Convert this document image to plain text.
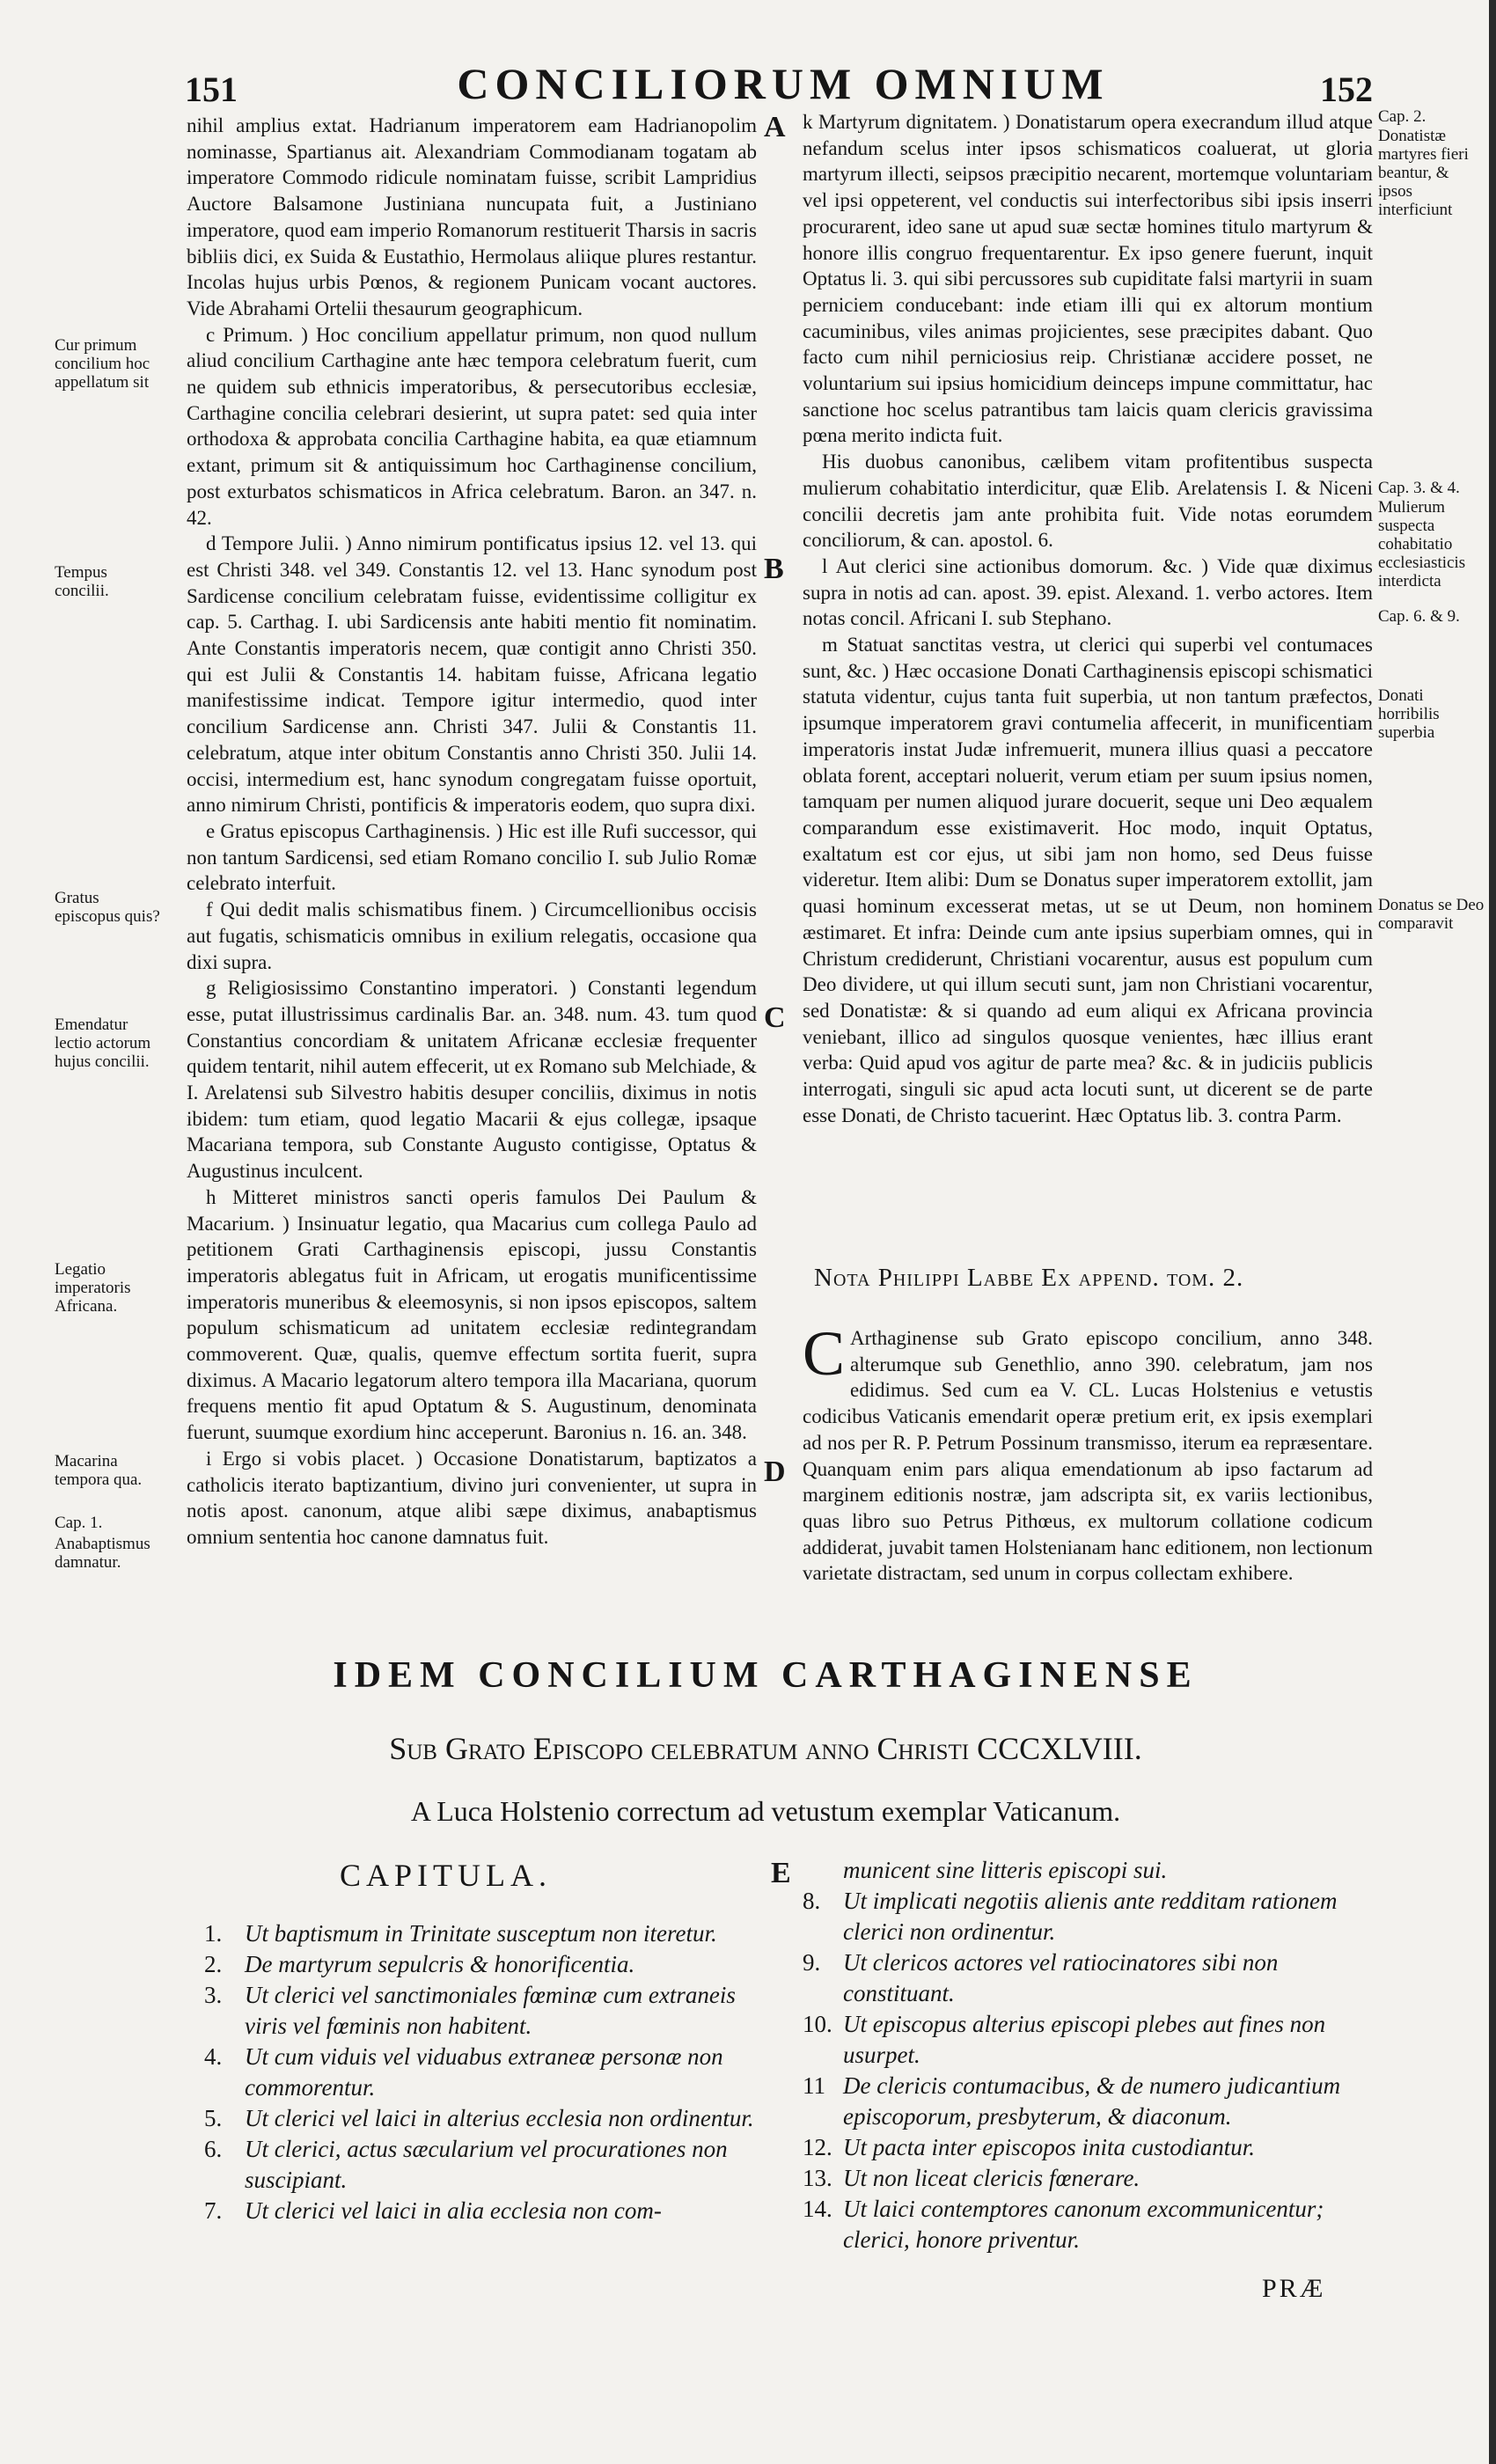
151	CONCILIORUM OMNIUM	152
Cur primum concilium hoc appellatum sit
Tempus concilii.
Gratus episcopus quis?
Emendatur lectio actorum hujus concilii.
Legatio imperatoris Africana.
Macarina tempora qua.
Cap. 1.
Anabaptismus damnatur.

nihil amplius extat. Hadrianum imperatorem eam Hadrianopolim nominasse, Spartianus ait. Alexandriam Commodianam togatam ab imperatore Commodo ridicule nominatam fuisse, scribit Lampridius Auctore Balsamone Justiniana nuncupata fuit, a Justiniano imperatore, quod eam imperio Romanorum restituerit Tharsis in sacris bibliis dici, ex Suida & Eustathio, Hermolaus aliique plures restantur. Incolas hujus urbis Pœnos, & regionem Punicam vocant auctores. Vide Abrahami Ortelii thesaurum geographicum.

c Primum. ) Hoc concilium appellatur primum, non quod nullum aliud concilium Carthagine ante hæc tempora celebratum fuerit, cum ne quidem sub ethnicis imperatoribus, & persecutoribus ecclesiæ, Carthagine concilia celebrari desierint, ut supra patet: sed quia inter orthodoxa & approbata concilia Carthagine habita, ea quæ etiamnum extant, primum sit & antiquissimum hoc Carthaginense concilium, post exturbatos schismaticos in Africa celebratum. Baron. an 347. n. 42.

d Tempore Julii. ) Anno nimirum pontificatus ipsius 12. vel 13. qui est Christi 348. vel 349. Constantis 12. vel 13. Hanc synodum post Sardicense concilium celebratam fuisse, evidentissime colligitur ex cap. 5. Carthag. I. ubi Sardicensis ante habiti mentio fit nominatim. Ante Constantis imperatoris necem, quæ contigit anno Christi 350. qui est Julii & Constantis 14. habitam fuisse, Africana legatio manifestissime indicat. Tempore igitur intermedio, quod inter concilium Sardicense ann. Christi 347. Julii & Constantis 11. celebratum, atque inter obitum Constantis anno Christi 350. Julii 14. occisi, intermedium est, hanc synodum congregatam fuisse oportuit, anno nimirum Christi, pontificis & imperatoris eodem, quo supra dixi.

e Gratus episcopus Carthaginensis. ) Hic est ille Rufi successor, qui non tantum Sardicensi, sed etiam Romano concilio I. sub Julio Romæ celebrato interfuit.

f Qui dedit malis schismatibus finem. ) Circumcellionibus occisis aut fugatis, schismaticis omnibus in exilium relegatis, occasione qua dixi supra.

g Religiosissimo Constantino imperatori. ) Constanti legendum esse, putat illustrissimus cardinalis Bar. an. 348. num. 43. tum quod Constantius concordiam & unitatem Africanæ ecclesiæ frequenter quidem tentarit, nihil autem effecerit, ut ex Romano sub Melchiade, & I. Arelatensi sub Silvestro habitis desuper conciliis, diximus in notis ibidem: tum etiam, quod legatio Macarii & ejus collegæ, ipsaque Macariana tempora, sub Constante Augusto contigisse, Optatus & Augustinus inculcent.

h Mitteret ministros sancti operis famulos Dei Paulum & Macarium. ) Insinuatur legatio, qua Macarius cum collega Paulo ad petitionem Grati Carthaginensis episcopi, jussu Constantis imperatoris ablegatus fuit in Africam, ut erogatis munificentissime imperatoris muneribus & eleemosynis, si non ipsos episcopos, saltem populum schismaticum ad unitatem ecclesiæ redintegrandam commoverent. Quæ, qualis, quemve effectum sortita fuerit, supra diximus. A Macario legatorum altero tempora illa Macariana, quorum frequens mentio fit apud Optatum & S. Augustinum, denominata fuerunt, suumque exordium hinc acceperunt. Baronius n. 16. an. 348.

i Ergo si vobis placet. ) Occasione Donatistarum, baptizatos a catholicis iterato baptizantium, divino juri convenienter, ut supra in notis apost. canonum, atque alibi sæpe diximus, anabaptismus omnium sententia hoc canone damnatus fuit.

A
B
C
D
E

k Martyrum dignitatem. ) Donatistarum opera execrandum illud atque nefandum scelus inter ipsos schismaticos coaluerat, ut gloria martyrum illecti, seipsos præcipitio necarent, mortemque voluntariam vel ipsi oppeterent, vel conductis sui interfectoribus sibi ipsis inserri procurarent, ideo sane ut apud suæ sectæ homines titulo martyrum & honore illis congruo frequentarentur. Ex ipso genere fuerunt, inquit Optatus li. 3. qui sibi percussores sub cupiditate falsi martyrii in suam perniciem conducebant: inde etiam illi qui ex altorum montium cacuminibus, viles animas projicientes, sese præcipites dabant. Quo facto cum nihil perniciosius reip. Christianæ accidere posset, ne voluntarium sui ipsius homicidium deinceps impune committatur, hac sanctione hoc scelus patrantibus tam laicis quam clericis gravissima pœna merito indicta fuit.

His duobus canonibus, cælibem vitam profitentibus suspecta mulierum cohabitatio interdicitur, quæ Elib. Arelatensis I. & Niceni concilii decretis jam ante prohibita fuit. Vide notas eorumdem conciliorum, & can. apostol. 6.

l Aut clerici sine actionibus domorum. &c. ) Vide quæ diximus supra in notis ad can. apost. 39. epist. Alexand. 1. verbo actores. Item notas concil. Africani I. sub Stephano.

m Statuat sanctitas vestra, ut clerici qui superbi vel contumaces sunt, &c. ) Hæc occasione Donati Carthaginensis episcopi schismatici statuta videntur, cujus tanta fuit superbia, ut non tantum præfectos, ipsumque imperatorem gravi contumelia affecerit, in munificentiam imperatoris instat Judæ infremuerit, munera illius quasi a peccatore oblata forent, acceptari noluerit, verum etiam per suum ipsius nomen, tamquam per numen aliquod jurare docuerit, seque uni Deo æqualem comparandum esse existimaverit. Hoc modo, inquit Optatus, exaltatum est cor ejus, ut sibi jam non homo, sed Deus fuisse videretur. Item alibi: Dum se Donatus super imperatorem extollit, jam quasi hominum excesserat metas, ut se ut Deum, non hominem æstimaret. Et infra: Deinde cum ante ipsius superbiam omnes, qui in Christum crediderunt, Christiani vocarentur, ausus est populum cum Deo dividere, ut qui illum secuti sunt, jam non Christiani vocarentur, sed Donatistæ: & si quando ad eum aliqui ex Africana provincia veniebant, illico ad singulos quosque venientes, hæc illius erant verba: Quid apud vos agitur de parte mea? &c. & in judiciis publicis interrogati, singuli sic apud acta locuti sunt, ut dicerent se de parte esse Donati, de Christo tacuerint. Hæc Optatus lib. 3. contra Parm.

Cap. 2.
Donatistæ martyres fieri beantur, & ipsos interficiunt
Cap. 3. & 4.
Mulierum suspecta cohabitatio ecclesiasticis interdicta
Cap. 6. & 9.
Donati horribilis superbia
Donatus se Deo comparavit
Nota Philippi Labbe Ex append. tom. 2.

C Arthaginense sub Grato episcopo concilium, anno 348. alterumque sub Genethlio, anno 390. celebratum, jam nos edidimus. Sed cum ea V. CL. Lucas Holstenius e vetustis codicibus Vaticanis emendarit operæ pretium erit, ex ipsis exemplari ad nos per R. P. Petrum Possinum transmisso, iterum ea repræsentare. Quanquam enim pars aliqua emendationum ab ipso factarum ad marginem editionis nostræ, jam adscripta sit, ex variis lectionibus, quas libro suo Petrus Pithœus, ex multorum collatione codicum addiderat, juvabit tamen Holstenianam hanc editionem, non lectionum varietate distractam, sed unum in corpus collectam exhibere.

IDEM CONCILIUM CARTHAGINENSE
Sub Grato Episcopo celebratum anno Christi CCCXLVIII.
A Luca Holstenio correctum ad vetustum exemplar Vaticanum.
CAPITULA.
1. Ut baptismum in Trinitate susceptum non iteretur.
2. De martyrum sepulcris & honorificentia.
3. Ut clerici vel sanctimoniales fœminæ cum extraneis viris vel fœminis non habitent.
4. Ut cum viduis vel viduabus extraneæ personæ non commorentur.
5. Ut clerici vel laici in alterius ecclesia non ordinentur.
6. Ut clerici, actus sæcularium vel procurationes non suscipiant.
7. Ut clerici vel laici in alia ecclesia non com-
municent sine litteris episcopi sui.
8. Ut implicati negotiis alienis ante redditam rationem clerici non ordinentur.
9. Ut clericos actores vel ratiocinatores sibi non constituant.
10. Ut episcopus alterius episcopi plebes aut fines non usurpet.
11 De clericis contumacibus, & de numero judicantium episcoporum, presbyterum, & diaconum.
12. Ut pacta inter episcopos inita custodiantur.
13. Ut non liceat clericis fœnerare.
14. Ut laici contemptores canonum excommunicentur; clerici, honore priventur.
PRÆ
